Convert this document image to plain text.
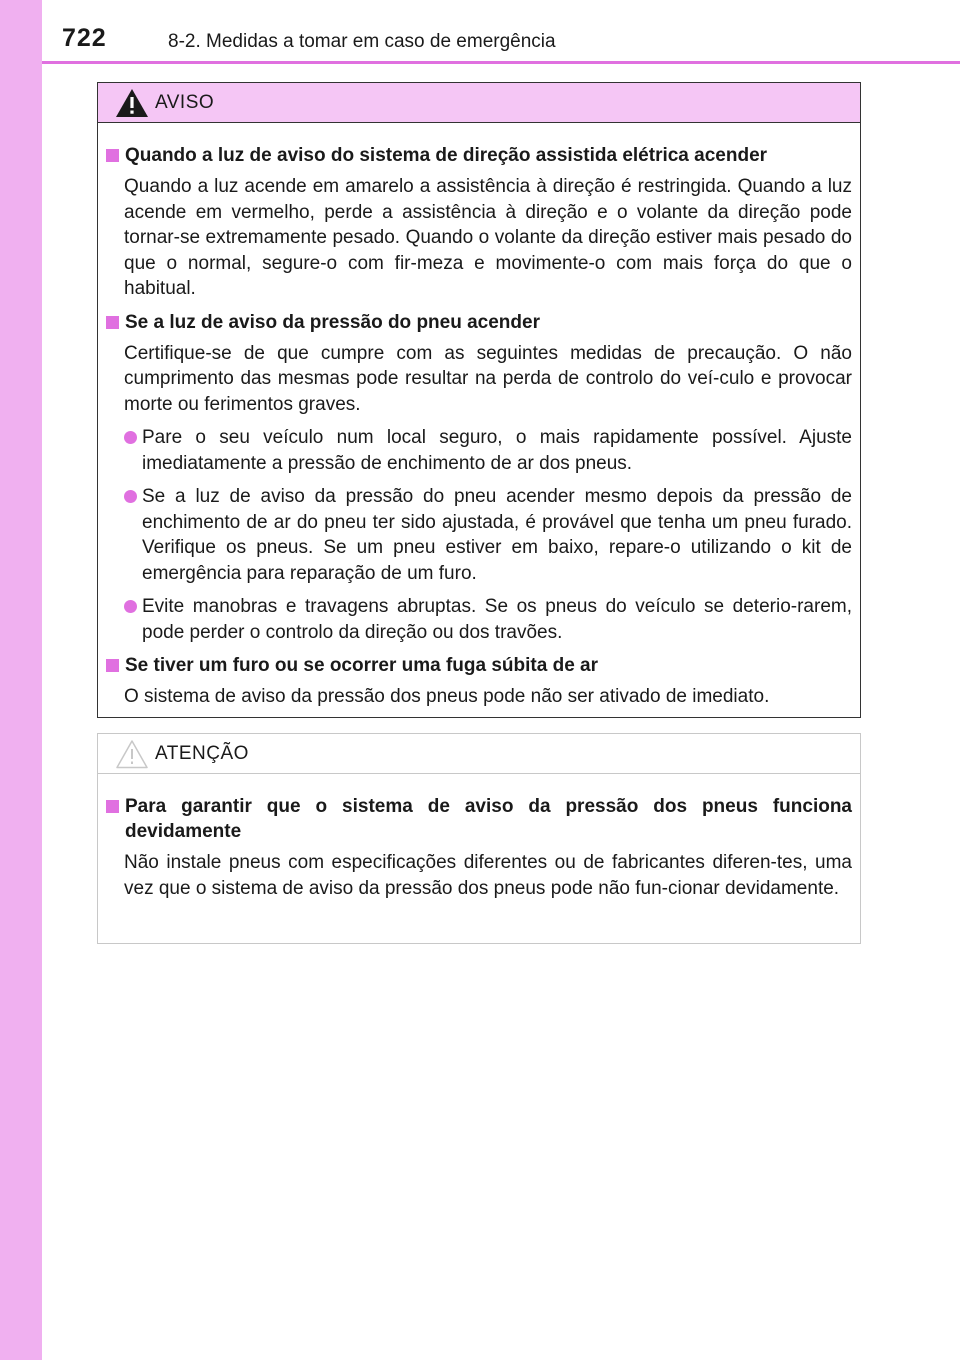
722	8-2. Medidas a tomar em caso de emergência
AVISO
Quando a luz de aviso do sistema de direção assistida elétrica acender
Quando a luz acende em amarelo a assistência à direção é restringida. Quando a luz acende em vermelho, perde a assistência à direção e o volante da direção pode tornar-se extremamente pesado. Quando o volante da direção estiver mais pesado do que o normal, segure-o com fir-meza e movimente-o com mais força do que o habitual.
Se a luz de aviso da pressão do pneu acender
Certifique-se de que cumpre com as seguintes medidas de precaução. O não cumprimento das mesmas pode resultar na perda de controlo do veí-culo e provocar morte ou ferimentos graves.
Pare o seu veículo num local seguro, o mais rapidamente possível. Ajuste imediatamente a pressão de enchimento de ar dos pneus.
Se a luz de aviso da pressão do pneu acender mesmo depois da pressão de enchimento de ar do pneu ter sido ajustada, é provável que tenha um pneu furado. Verifique os pneus. Se um pneu estiver em baixo, repare-o utilizando o kit de emergência para reparação de um furo.
Evite manobras e travagens abruptas. Se os pneus do veículo se deterio-rarem, pode perder o controlo da direção ou dos travões.
Se tiver um furo ou se ocorrer uma fuga súbita de ar
O sistema de aviso da pressão dos pneus pode não ser ativado de imediato.
ATENÇÃO
Para garantir que o sistema de aviso da pressão dos pneus funciona devidamente
Não instale pneus com especificações diferentes ou de fabricantes diferen-tes, uma vez que o sistema de aviso da pressão dos pneus pode não fun-cionar devidamente.
